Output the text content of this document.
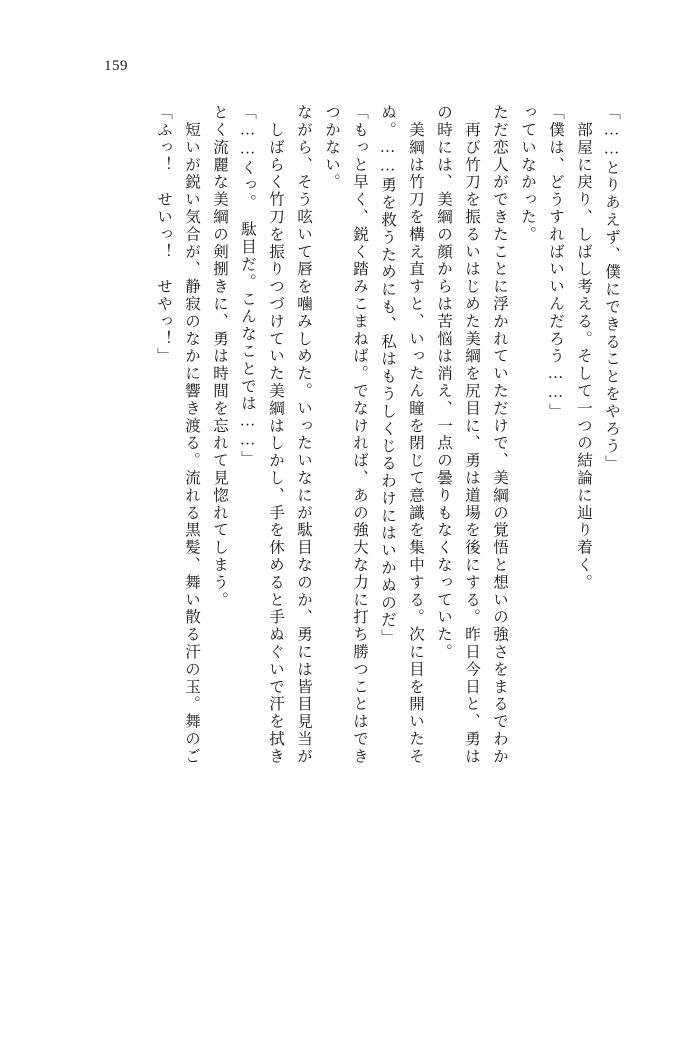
159
「ふっ！　せいっ！　せやっ！」 　短いが鋭い気合が、静寂のなかに響き渡る。流れる黒髪、舞い散る汗の玉。舞のご とく流麗な美綱の剣捌きに、勇は時間を忘れて見惚れてしまう。 「……くっ。　駄目だ。こんなことでは……」 　しばらく竹刀を振りつづけていた美綱はしかし、手を休めると手ぬぐいで汗を拭き ながら、そう呟いて唇を噛みしめた。いったいなにが駄目なのか、勇には皆目見当が つかない。 「もっと早く、鋭く踏みこまねば。でなければ、あの強大な力に打ち勝つことはでき ぬ。……勇を救うためにも、私はもうしくじるわけにはいかぬのだ」 　美綱は竹刀を構え直すと、いったん瞳を閉じて意識を集中する。次に目を開いたそ の時には、美綱の顔からは苦悩は消え、一点の曇りもなくなっていた。 　再び竹刀を振るいはじめた美綱を尻目に、勇は道場を後にする。昨日今日と、勇は ただ恋人ができたことに浮かれていただけで、美綱の覚悟と想いの強さをまるでわか っていなかった。 「僕は、どうすればいいんだろう……」 　部屋に戻り、しばし考える。そして一つの結論に辿り着く。 「……とりあえず、僕にできることをやろう」
